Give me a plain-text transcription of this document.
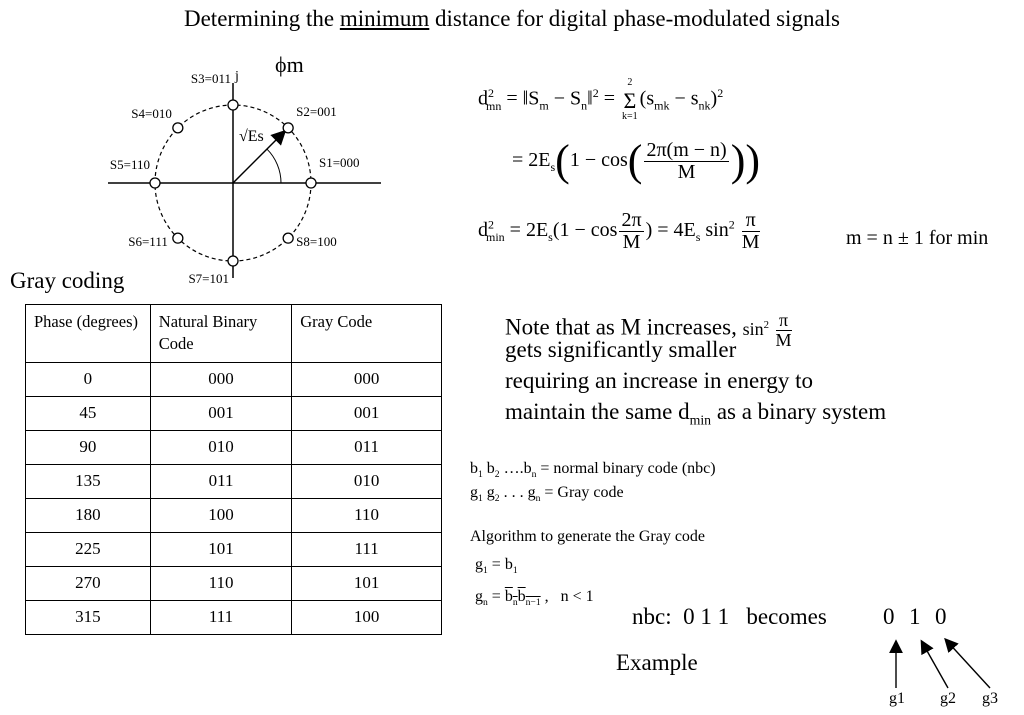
Determining the minimum distance for digital phase-modulated signals
S1=000
S2=001
S3=011
S4=010
S5=110
S6=111
S7=101
S8=100
ϕm
j
√Es
$d^2_{mn}$ = $‖S_m$ − $S_n‖^2$ =
2
Σ
k=1
$(s_{mk} - s_{nk})^2$
= $2E_s(1 - \cos( \frac{2\pi(m - n)}{M}$ ))
$d^2_{min} = 2E_s(1 - \cos \frac{2\pi}{M}$ ) = $4E_s$ $\sin^2 \frac{\pi}{M}$	m = n ± 1 for min
Gray coding
Phase (degrees)	Natural Binary Code	Gray Code
0	000	000
45	001	001
90	010	011
135	011	010
180	100	110
225	101	111
270	110	101
315	111	100
Note that as M increases, $\sin^2 \frac{\pi}{M}$
gets significantly smaller
requiring an increase in energy to
maintain the same $d_{min}$ as a binary system
$b_1$ $b_2$ $\dots.b_n$ = normal binary code (nbc)
$g_1$ $g_2$ . . . $g_n$ = Gray code
Algorithm to generate the Gray code
$g_1 = b_1$
$g_n = b_nb_{n-1}$ ,   n < 1
nbc: 0 1 1 becomes 0 1 0
Example
g1 g2 g3
